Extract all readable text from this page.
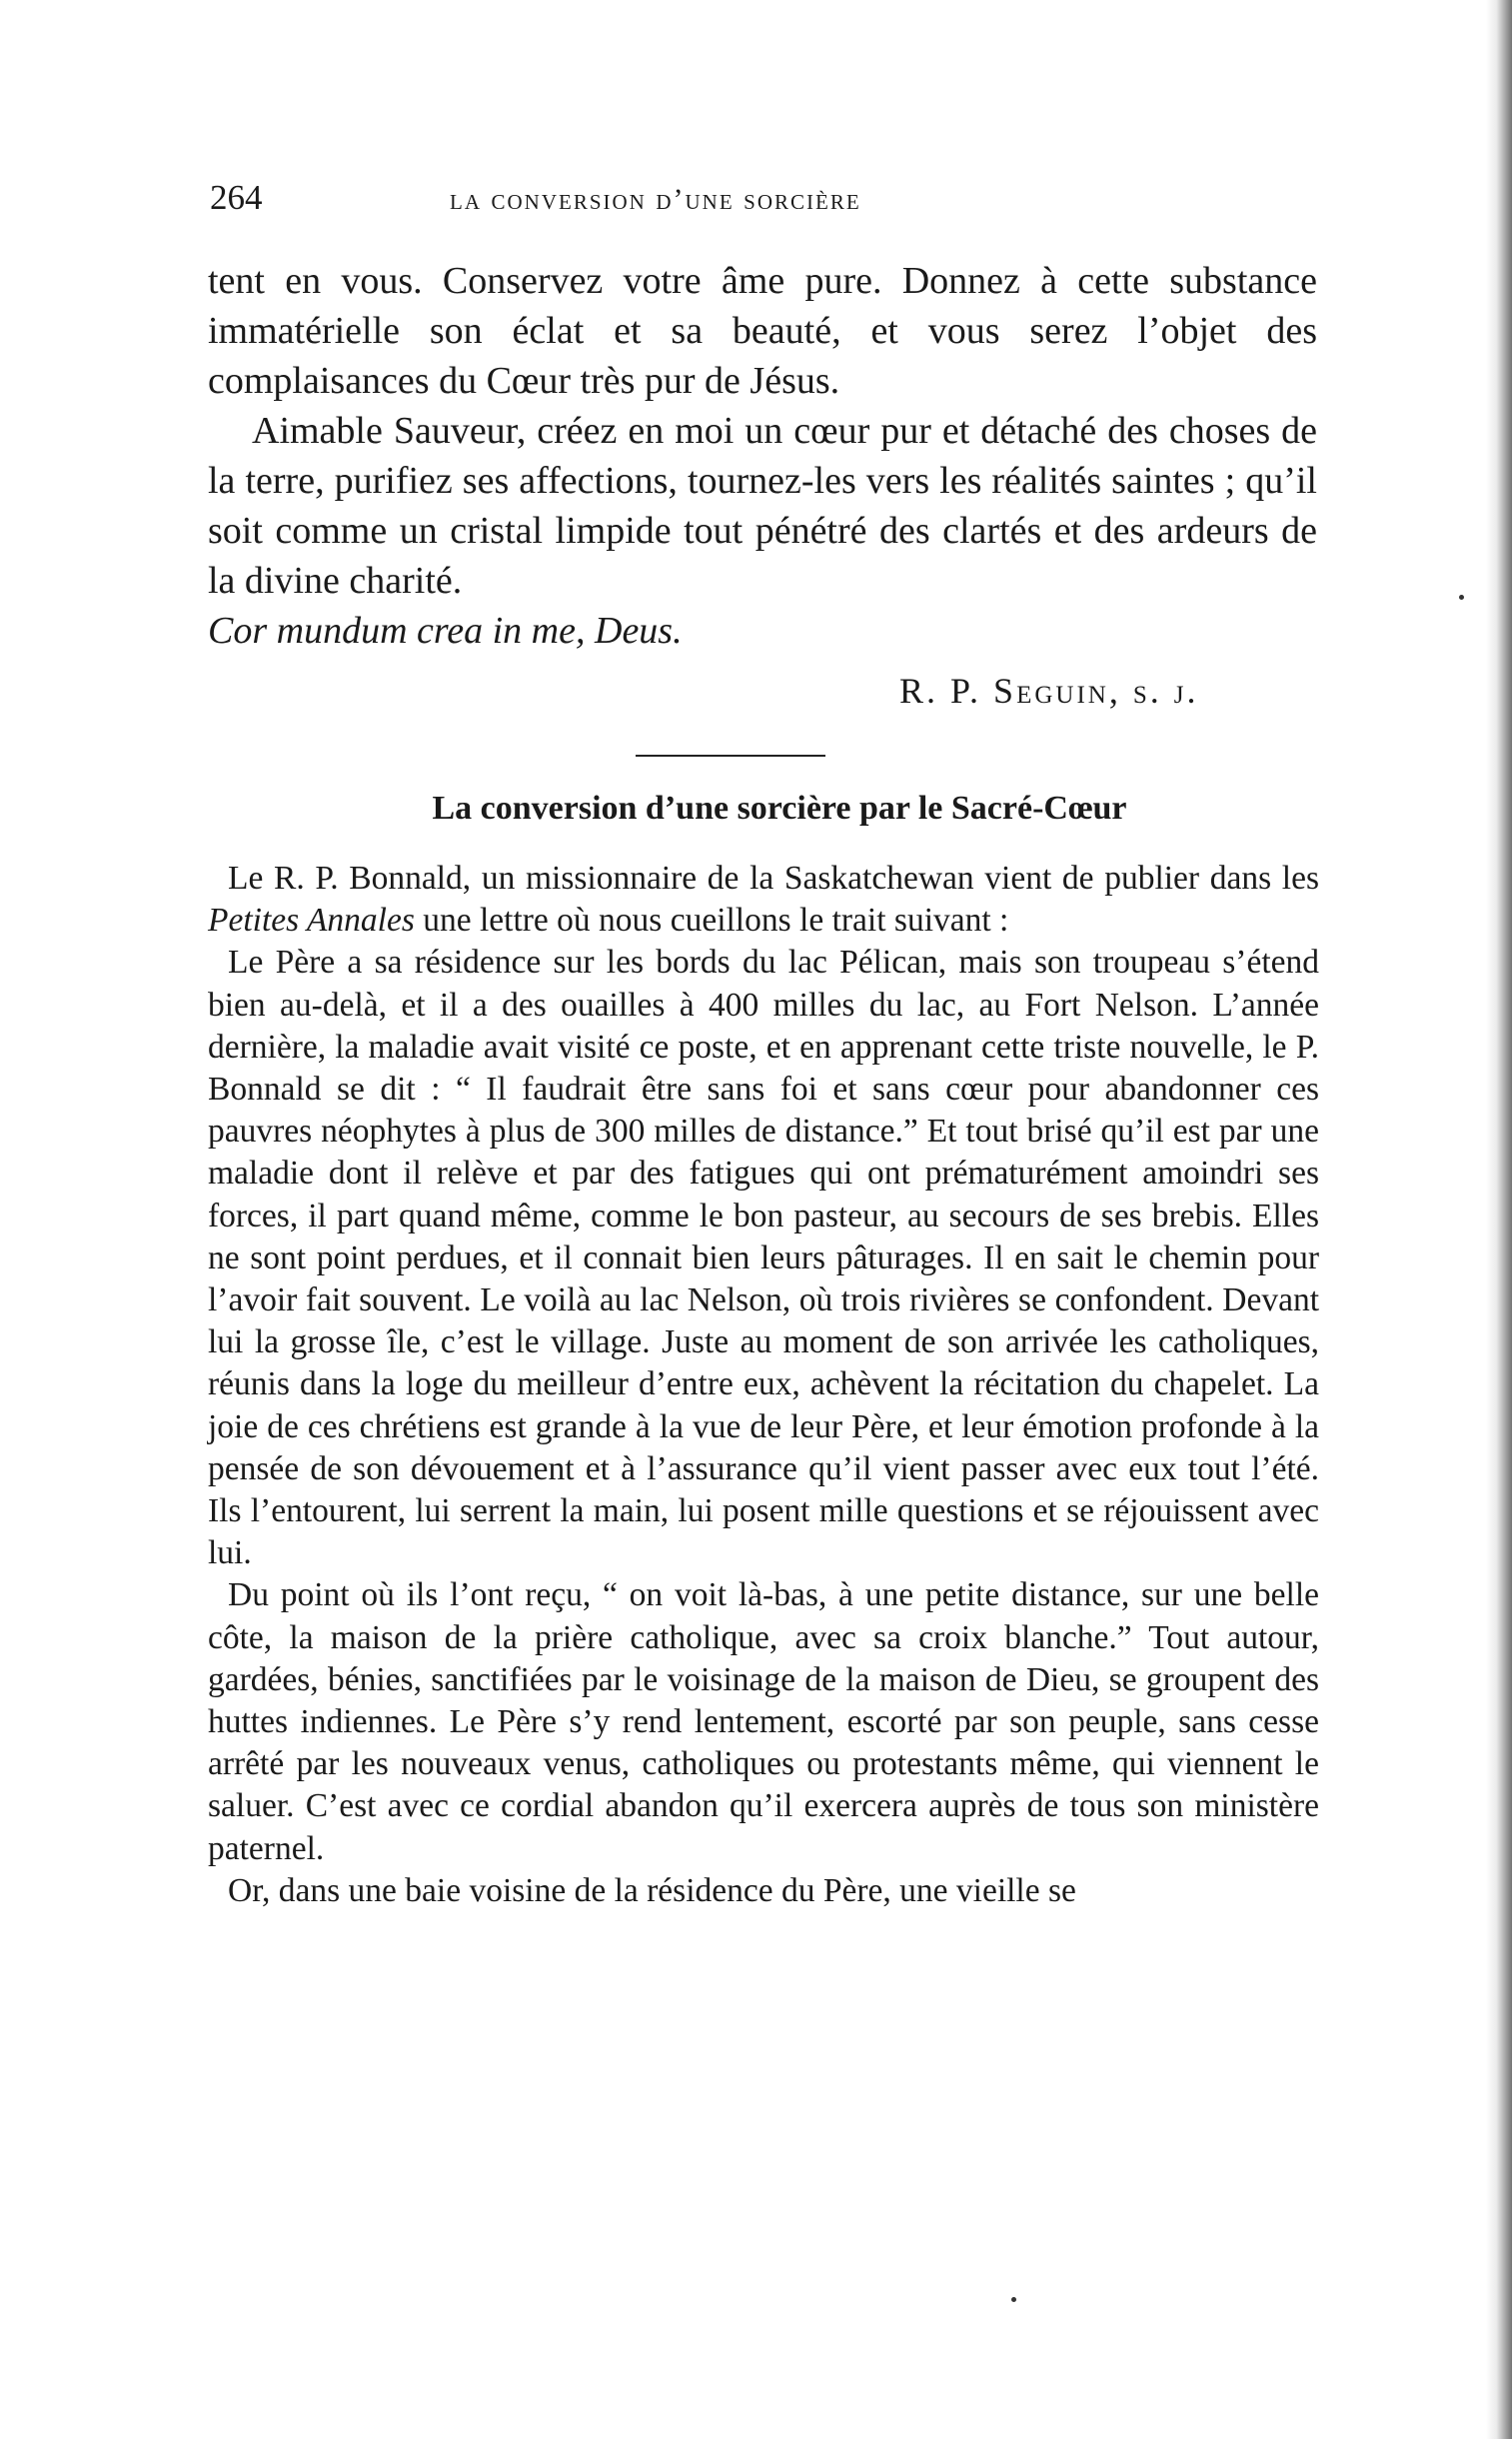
264	la conversion d’une sorcière

tent en vous. Conservez votre âme pure. Donnez à cette substance immatérielle son éclat et sa beauté, et vous serez l’objet des complaisances du Cœur très pur de Jésus.

Aimable Sauveur, créez en moi un cœur pur et détaché des choses de la terre, purifiez ses affections, tournez-les vers les réalités saintes ; qu’il soit comme un cristal limpide tout pénétré des clartés et des ardeurs de la divine charité.

Cor mundum crea in me, Deus.

R. P. Seguin, s. j.
La conversion d’une sorcière par le Sacré-Cœur

Le R. P. Bonnald, un missionnaire de la Saskatchewan vient de publier dans les Petites Annales une lettre où nous cueillons le trait suivant :

Le Père a sa résidence sur les bords du lac Pélican, mais son troupeau s’étend bien au-delà, et il a des ouailles à 400 milles du lac, au Fort Nelson. L’année dernière, la maladie avait visité ce poste, et en apprenant cette triste nouvelle, le P. Bonnald se dit : “ Il faudrait être sans foi et sans cœur pour abandonner ces pauvres néophytes à plus de 300 milles de distance.” Et tout brisé qu’il est par une maladie dont il relève et par des fatigues qui ont prématurément amoindri ses forces, il part quand même, comme le bon pasteur, au secours de ses brebis. Elles ne sont point perdues, et il connait bien leurs pâturages. Il en sait le chemin pour l’avoir fait souvent. Le voilà au lac Nelson, où trois rivières se confondent. Devant lui la grosse île, c’est le village. Juste au moment de son arrivée les catholiques, réunis dans la loge du meilleur d’entre eux, achèvent la récitation du chapelet. La joie de ces chrétiens est grande à la vue de leur Père, et leur émotion profonde à la pensée de son dévouement et à l’assurance qu’il vient passer avec eux tout l’été. Ils l’entourent, lui serrent la main, lui posent mille questions et se réjouissent avec lui.

Du point où ils l’ont reçu, “ on voit là-bas, à une petite distance, sur une belle côte, la maison de la prière catholique, avec sa croix blanche.” Tout autour, gardées, bénies, sanctifiées par le voisinage de la maison de Dieu, se groupent des huttes indiennes. Le Père s’y rend lentement, escorté par son peuple, sans cesse arrêté par les nouveaux venus, catholiques ou protestants même, qui viennent le saluer. C’est avec ce cordial abandon qu’il exercera auprès de tous son ministère paternel.

Or, dans une baie voisine de la résidence du Père, une vieille se
